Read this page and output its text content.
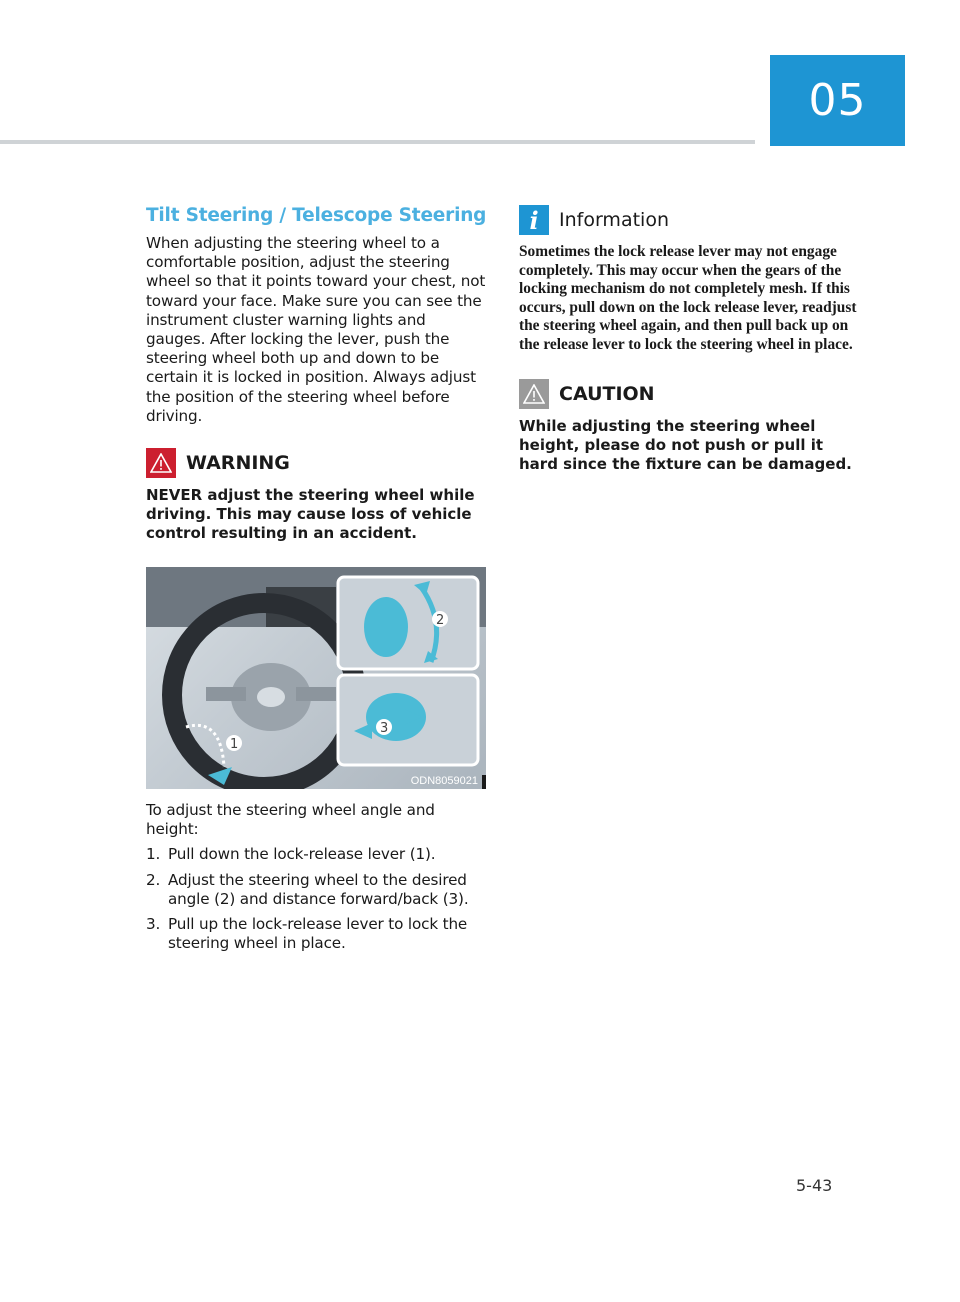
05
Tilt Steering / Telescope Steering

When adjusting the steering wheel to a comfortable position, adjust the steering wheel so that it points toward your chest, not toward your face. Make sure you can see the instrument cluster warning lights and gauges. After locking the lever, push the steering wheel both up and down to be certain it is locked in position. Always adjust the position of the steering wheel before driving.

WARNING

NEVER adjust the steering wheel while driving. This may cause loss of vehicle control resulting in an accident.

1
2
3
ODN8059021

To adjust the steering wheel angle and height:

1. Pull down the lock-release lever (1).
2. Adjust the steering wheel to the desired angle (2) and distance forward/back (3).
3. Pull up the lock-release lever to lock the steering wheel in place.
i	Information

Sometimes the lock release lever may not engage completely. This may occur when the gears of the locking mechanism do not completely mesh. If this occurs, pull down on the lock release lever, readjust the steering wheel again, and then pull back up on the release lever to lock the steering wheel in place.

CAUTION

While adjusting the steering wheel height, please do not push or pull it hard since the fixture can be damaged.

5-43
